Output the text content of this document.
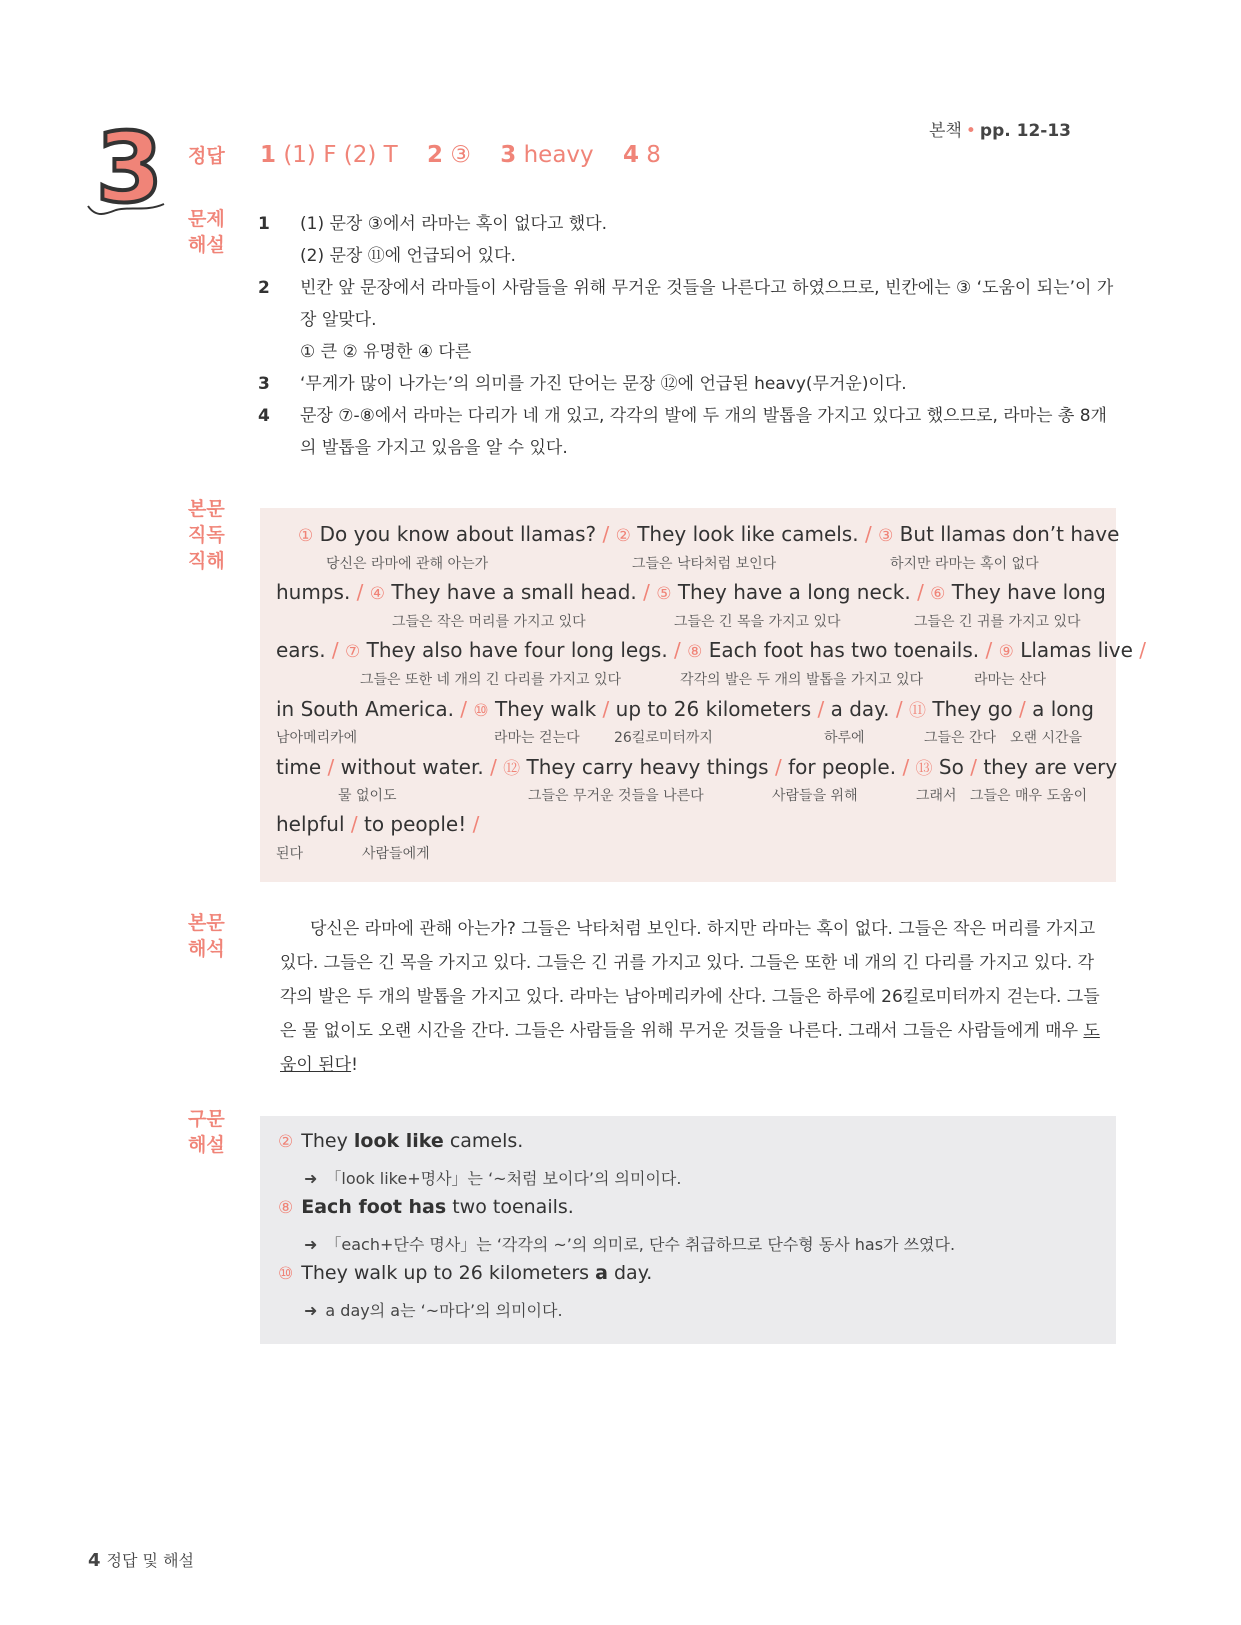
본책 • pp. 12-13
3 정답
문제
해설
본문
직독
직해
본문
해석
구문
해설
1 (1) F (2) T 2 ③ 3 heavy 4 8
1	(1) 문장 ③에서 라마는 혹이 없다고 했다.
(2) 문장 ⑪에 언급되어 있다.
2	빈칸 앞 문장에서 라마들이 사람들을 위해 무거운 것들을 나른다고 하였으므로, 빈칸에는 ③ ‘도움이 되는’이 가장 알맞다.
① 큰 ② 유명한 ④ 다른
3	‘무게가 많이 나가는’의 의미를 가진 단어는 문장 ⑫에 언급된 heavy(무거운)이다.
4	문장 ⑦-⑧에서 라마는 다리가 네 개 있고, 각각의 발에 두 개의 발톱을 가지고 있다고 했으므로, 라마는 총 8개의 발톱을 가지고 있음을 알 수 있다.
① Do you know about llamas? / ② They look like camels. / ③ But llamas don’t have
당신은 라마에 관해 아는가	그들은 낙타처럼 보인다	하지만 라마는 혹이 없다
humps. / ④ They have a small head. / ⑤ They have a long neck. / ⑥ They have long
그들은 작은 머리를 가지고 있다	그들은 긴 목을 가지고 있다	그들은 긴 귀를 가지고 있다
ears. / ⑦ They also have four long legs. / ⑧ Each foot has two toenails. / ⑨ Llamas live /
그들은 또한 네 개의 긴 다리를 가지고 있다	각각의 발은 두 개의 발톱을 가지고 있다	라마는 산다
in South America. / ⑩ They walk / up to 26 kilometers / a day. / ⑪ They go / a long
남아메리카에	라마는 걷는다 26킬로미터까지	하루에	그들은 간다 오랜 시간을
time / without water. / ⑫ They carry heavy things / for people. / ⑬ So / they are very
물 없이도	그들은 무거운 것들을 나른다	사람들을 위해	그래서 그들은 매우 도움이
helpful / to people! /
된다	사람들에게
당신은 라마에 관해 아는가? 그들은 낙타처럼 보인다. 하지만 라마는 혹이 없다. 그들은 작은 머리를 가지고 있다. 그들은 긴 목을 가지고 있다. 그들은 긴 귀를 가지고 있다. 그들은 또한 네 개의 긴 다리를 가지고 있다. 각각의 발은 두 개의 발톱을 가지고 있다. 라마는 남아메리카에 산다. 그들은 하루에 26킬로미터까지 걷는다. 그들은 물 없이도 오랜 시간을 간다. 그들은 사람들을 위해 무거운 것들을 나른다. 그래서 그들은 사람들에게 매우 도움이 된다!
② They look like camels.
➜ 「look like+명사」는 ‘~처럼 보이다’의 의미이다.
⑧ Each foot has two toenails.
➜ 「each+단수 명사」는 ‘각각의 ~’의 의미로, 단수 취급하므로 단수형 동사 has가 쓰였다.
⑩ They walk up to 26 kilometers a day.
➜ a day의 a는 ‘~마다’의 의미이다.
4 정답 및 해설
